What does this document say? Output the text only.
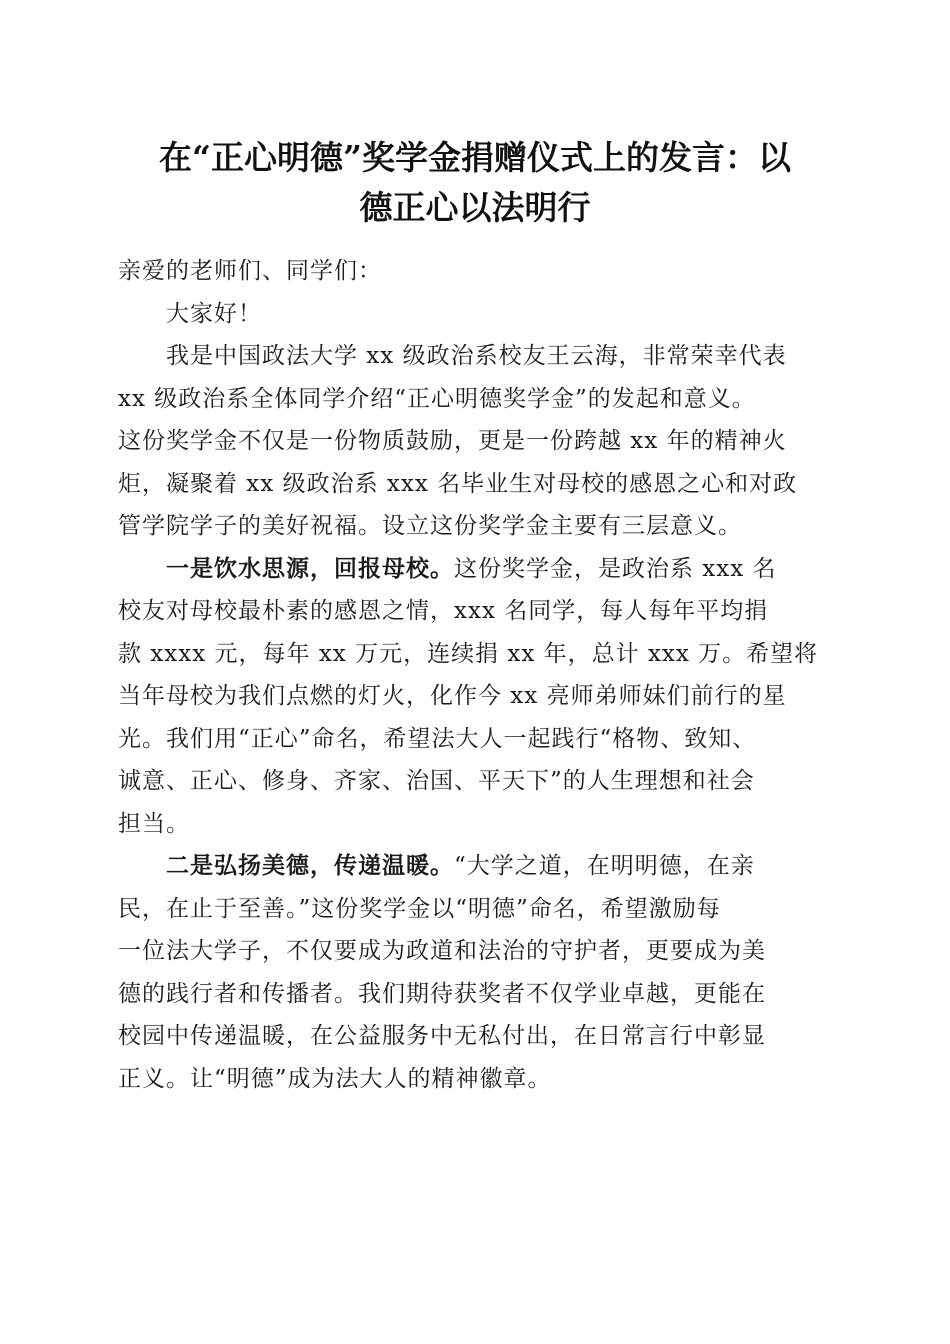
在“正心明德”奖学金捐赠仪式上的发言：以
德正心以法明行

亲爱的老师们、同学们：

大家好！

我是中国政法大学 xx 级政治系校友王云海，非常荣幸代表
xx 级政治系全体同学介绍“正心明德奖学金”的发起和意义。
这份奖学金不仅是一份物质鼓励，更是一份跨越 xx 年的精神火
炬，凝聚着 xx 级政治系 xxx 名毕业生对母校的感恩之心和对政
管学院学子的美好祝福。设立这份奖学金主要有三层意义。

一是饮水思源，回报母校。这份奖学金，是政治系 xxx 名
校友对母校最朴素的感恩之情，xxx 名同学，每人每年平均捐
款 xxxx 元，每年 xx 万元，连续捐 xx 年，总计 xxx 万。希望将
当年母校为我们点燃的灯火，化作今 xx 亮师弟师妹们前行的星
光。我们用“正心”命名，希望法大人一起践行“格物、致知、
诚意、正心、修身、齐家、治国、平天下”的人生理想和社会
担当。

二是弘扬美德，传递温暖。“大学之道，在明明德，在亲
民，在止于至善。”这份奖学金以“明德”命名，希望激励每
一位法大学子，不仅要成为政道和法治的守护者，更要成为美
德的践行者和传播者。我们期待获奖者不仅学业卓越，更能在
校园中传递温暖，在公益服务中无私付出，在日常言行中彰显
正义。让“明德”成为法大人的精神徽章。
